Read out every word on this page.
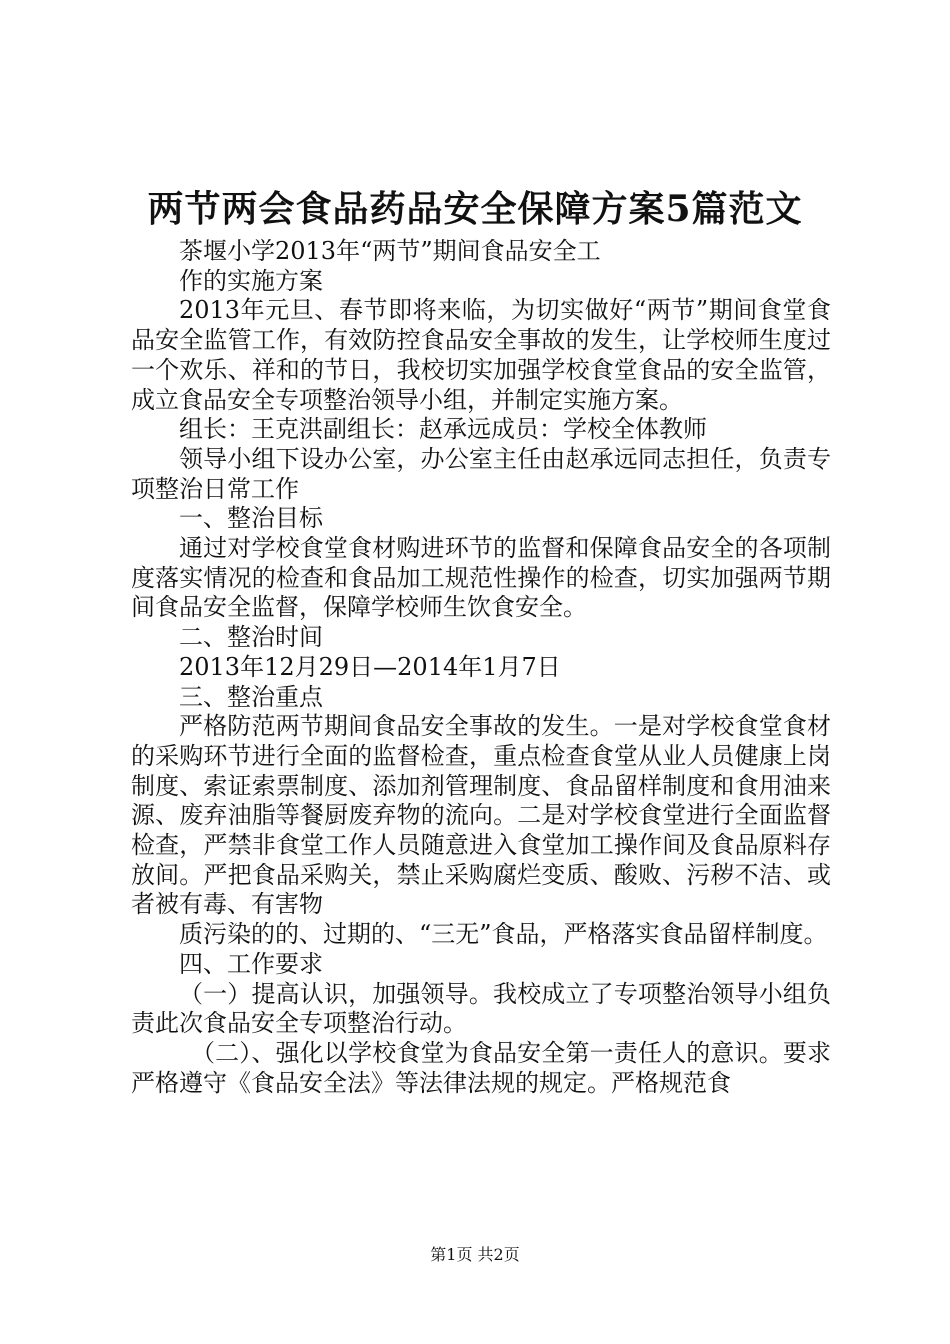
两节两会食品药品安全保障方案5篇范文

茶堰小学2013年“两节”期间食品安全工

作的实施方案

2013年元旦、春节即将来临，为切实做好“两节”期间食堂食品安全监管工作，有效防控食品安全事故的发生，让学校师生度过一个欢乐、祥和的节日，我校切实加强学校食堂食品的安全监管，成立食品安全专项整治领导小组，并制定实施方案。

组长：王克洪副组长：赵承远成员：学校全体教师

领导小组下设办公室，办公室主任由赵承远同志担任，负责专项整治日常工作

一、整治目标

通过对学校食堂食材购进环节的监督和保障食品安全的各项制度落实情况的检查和食品加工规范性操作的检查，切实加强两节期间食品安全监督，保障学校师生饮食安全。

二、整治时间

2013年12月29日—2014年1月7日

三、整治重点

严格防范两节期间食品安全事故的发生。一是对学校食堂食材的采购环节进行全面的监督检查，重点检查食堂从业人员健康上岗制度、索证索票制度、添加剂管理制度、食品留样制度和食用油来源、废弃油脂等餐厨废弃物的流向。二是对学校食堂进行全面监督检查，严禁非食堂工作人员随意进入食堂加工操作间及食品原料存放间。严把食品采购关，禁止采购腐烂变质、酸败、污秽不洁、或者被有毒、有害物

质污染的的、过期的、“三无”食品，严格落实食品留样制度。

四、工作要求

（一）提高认识，加强领导。我校成立了专项整治领导小组负责此次食品安全专项整治行动。

（二）、强化以学校食堂为食品安全第一责任人的意识。要求严格遵守《食品安全法》等法律法规的规定。严格规范食

第1页 共2页
